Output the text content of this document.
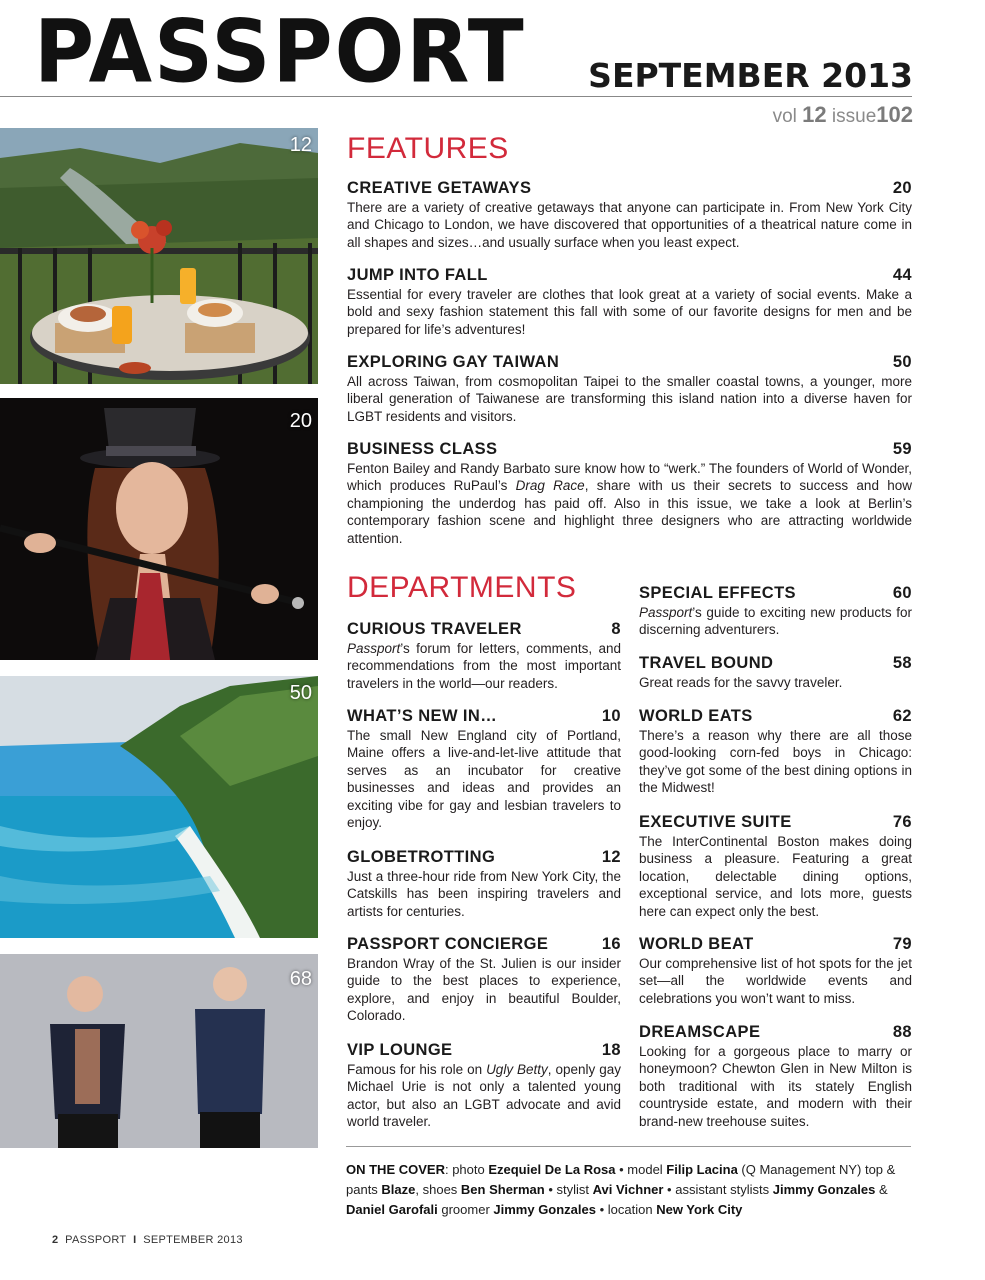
PASSPORT SEPTEMBER 2013
vol 12 issue102
12
20
50
68
FEATURES
CREATIVE GETAWAYS	20

There are a variety of creative getaways that anyone can participate in. From New York City and Chicago to London, we have discovered that opportunities of a theatrical nature come in all shapes and sizes…and usually surface when you least expect.

JUMP INTO FALL	44

Essential for every traveler are clothes that look great at a variety of social events. Make a bold and sexy fashion statement this fall with some of our favorite designs for men and be prepared for life’s adventures!

EXPLORING GAY TAIWAN	50

All across Taiwan, from cosmopolitan Taipei to the smaller coastal towns, a younger, more liberal generation of Taiwanese are transforming this island nation into a diverse haven for LGBT residents and visitors.

BUSINESS CLASS	59

Fenton Bailey and Randy Barbato sure know how to “werk.” The founders of World of Wonder, which produces RuPaul’s Drag Race, share with us their secrets to success and how championing the underdog has paid off. Also in this issue, we take a look at Berlin’s contemporary fashion scene and highlight three designers who are attracting worldwide attention.

DEPARTMENTS
CURIOUS TRAVELER	8

Passport’s forum for letters, comments, and recommendations from the most important travelers in the world—our readers.

WHAT’S NEW IN…	10

The small New England city of Portland, Maine offers a live-and-let-live attitude that serves as an incubator for creative businesses and ideas and provides an exciting vibe for gay and lesbian travelers to enjoy.

GLOBETROTTING	12

Just a three-hour ride from New York City, the Catskills has been inspiring travelers and artists for centuries.

PASSPORT CONCIERGE	16

Brandon Wray of the St. Julien is our insider guide to the best places to experience, explore, and enjoy in beautiful Boulder, Colorado.

VIP LOUNGE	18

Famous for his role on Ugly Betty, openly gay Michael Urie is not only a talented young actor, but also an LGBT advocate and avid world traveler.

SPECIAL EFFECTS	60

Passport’s guide to exciting new products for discerning adventurers.

TRAVEL BOUND	58

Great reads for the savvy traveler.

WORLD EATS	62

There’s a reason why there are all those good-looking corn-fed boys in Chicago: they’ve got some of the best dining options in the Midwest!

EXECUTIVE SUITE	76

The InterContinental Boston makes doing business a pleasure. Featuring a great location, delectable dining options, exceptional service, and lots more, guests here can expect only the best.

WORLD BEAT	79

Our comprehensive list of hot spots for the jet set—all the worldwide events and celebrations you won’t want to miss.

DREAMSCAPE	88

Looking for a gorgeous place to marry or honeymoon? Chewton Glen in New Milton is both traditional with its stately English countryside estate, and modern with their brand-new treehouse suites.

ON THE COVER: photo Ezequiel De La Rosa • model Filip Lacina (Q Management NY) top & pants Blaze, shoes Ben Sherman • stylist Avi Vichner • assistant stylists Jimmy Gonzales & Daniel Garofali groomer Jimmy Gonzales • location New York City
2 PASSPORT I SEPTEMBER 2013
